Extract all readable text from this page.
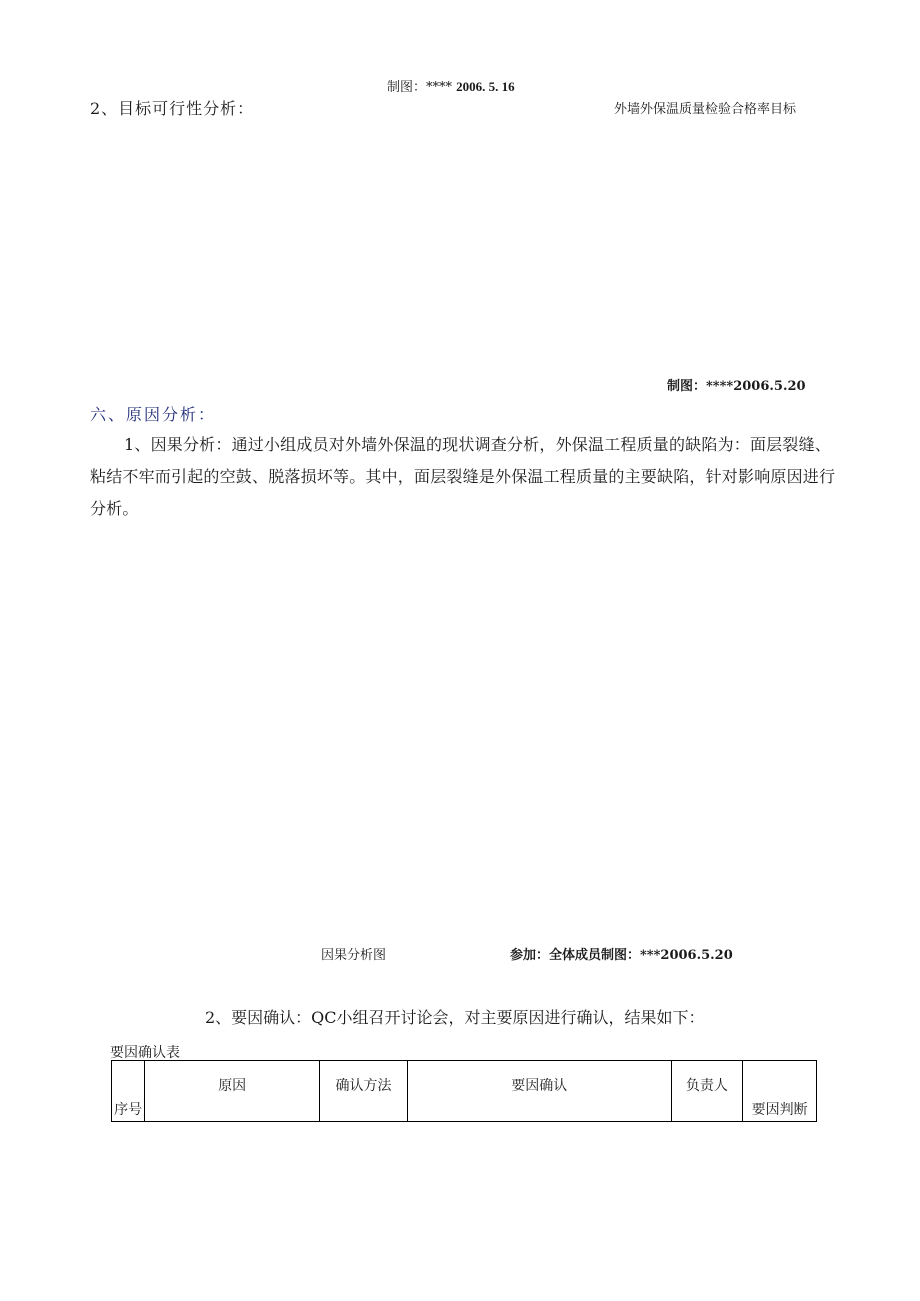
制图：**** 2006. 5. 16
2、目标可行性分析：	外墙外保温质量检验合格率目标
制图：****2006.5.20
六、原因分析：
1、因果分析：通过小组成员对外墙外保温的现状调查分析，外保温工程质量的缺陷为：面层裂缝、粘结不牢而引起的空鼓、脱落损坏等。其中，面层裂缝是外保温工程质量的主要缺陷，针对影响原因进行分析。
因果分析图	参加：全体成员制图：***2006.5.20
2、要因确认：QC小组召开讨论会，对主要原因进行确认，结果如下：
要因确认表
序号	原因	确认方法	要因确认	负责人	要因判断
